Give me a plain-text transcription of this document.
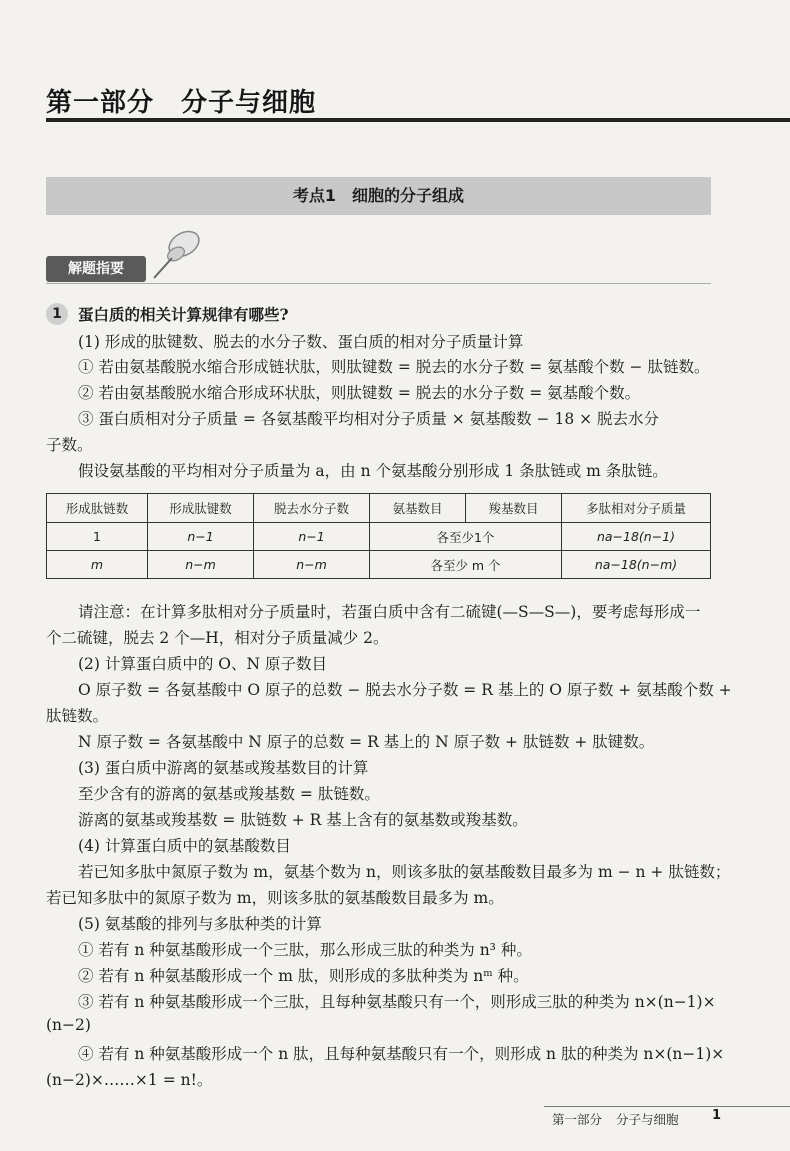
第一部分　分子与细胞
考点1　细胞的分子组成
解题指要
1	蛋白质的相关计算规律有哪些?
(1) 形成的肽键数、脱去的水分子数、蛋白质的相对分子质量计算
① 若由氨基酸脱水缩合形成链状肽，则肽键数 = 脱去的水分子数 = 氨基酸个数 − 肽链数。
② 若由氨基酸脱水缩合形成环状肽，则肽键数 = 脱去的水分子数 = 氨基酸个数。
③ 蛋白质相对分子质量 = 各氨基酸平均相对分子质量 × 氨基酸数 − 18 × 脱去水分
子数。
假设氨基酸的平均相对分子质量为 a，由 n 个氨基酸分别形成 1 条肽链或 m 条肽链。
形成肽链数	形成肽键数	脱去水分子数	氨基数目	羧基数目	多肽相对分子质量
1	n−1	n−1	各至少1个		na−18(n−1)
m	n−m	n−m	各至少 m 个		na−18(n−m)
请注意：在计算多肽相对分子质量时，若蛋白质中含有二硫键(—S—S—)，要考虑每形成一
个二硫键，脱去 2 个—H，相对分子质量减少 2。
(2) 计算蛋白质中的 O、N 原子数目
O 原子数 = 各氨基酸中 O 原子的总数 − 脱去水分子数 = R 基上的 O 原子数 + 氨基酸个数 +
肽链数。
N 原子数 = 各氨基酸中 N 原子的总数 = R 基上的 N 原子数 + 肽链数 + 肽键数。
(3) 蛋白质中游离的氨基或羧基数目的计算
至少含有的游离的氨基或羧基数 = 肽链数。
游离的氨基或羧基数 = 肽链数 + R 基上含有的氨基数或羧基数。
(4) 计算蛋白质中的氨基酸数目
若已知多肽中氮原子数为 m，氨基个数为 n，则该多肽的氨基酸数目最多为 m − n + 肽链数；
若已知多肽中的氮原子数为 m，则该多肽的氨基酸数目最多为 m。
(5) 氨基酸的排列与多肽种类的计算
① 若有 n 种氨基酸形成一个三肽，那么形成三肽的种类为 n³ 种。
② 若有 n 种氨基酸形成一个 m 肽，则形成的多肽种类为 nᵐ 种。
③ 若有 n 种氨基酸形成一个三肽，且每种氨基酸只有一个，则形成三肽的种类为 n×(n−1)×
(n−2)
④ 若有 n 种氨基酸形成一个 n 肽，且每种氨基酸只有一个，则形成 n 肽的种类为 n×(n−1)×
(n−2)×……×1 = n!。
第一部分 分子与细胞	1
